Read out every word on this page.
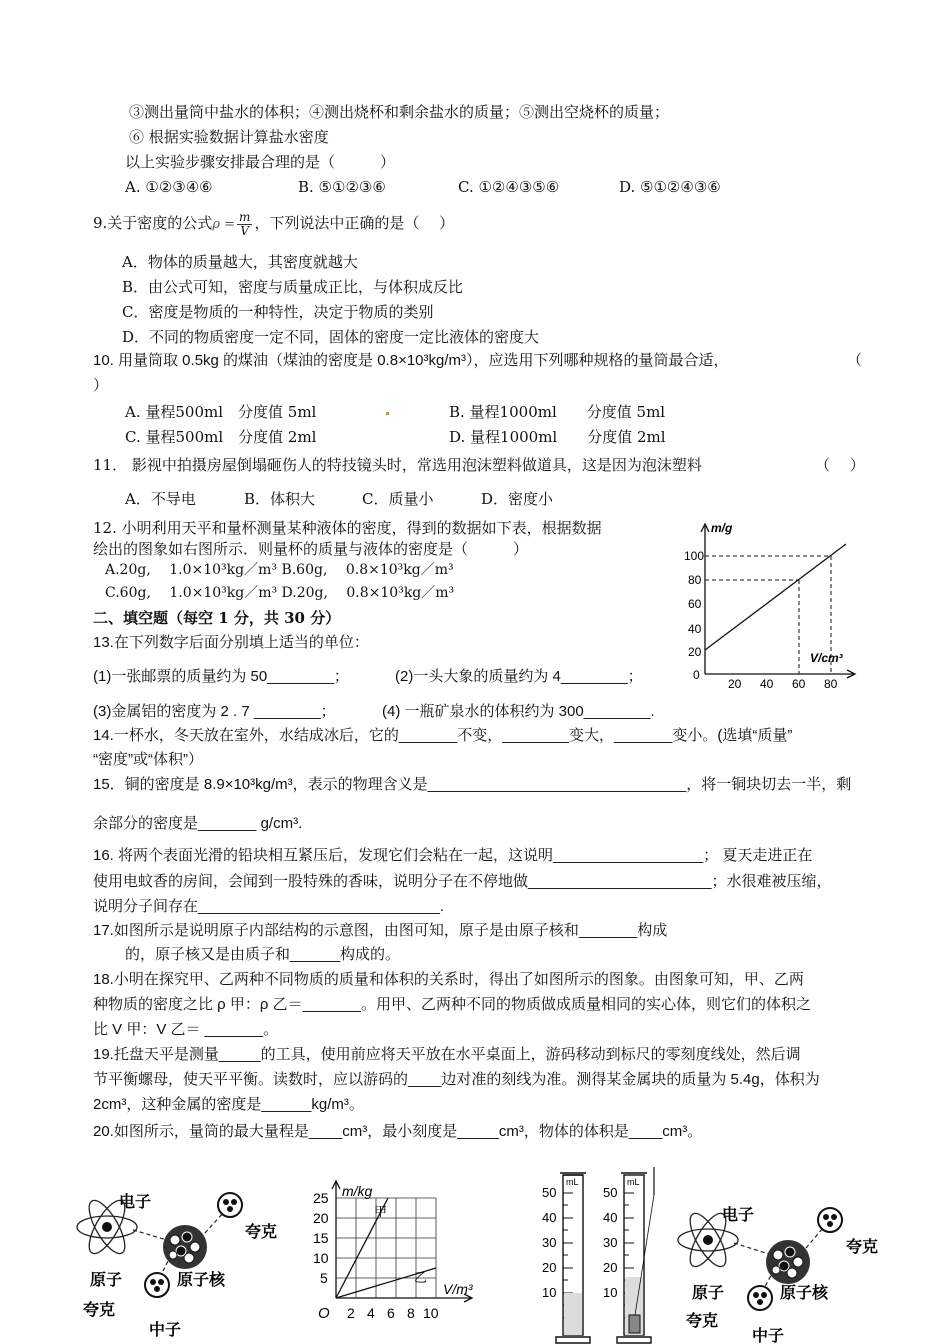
③测出量筒中盐水的体积；④测出烧杯和剩余盐水的质量；⑤测出空烧杯的质量；
⑥ 根据实验数据计算盐水密度
以上实验步骤安排最合理的是（　　　）
A. ①②③④⑥	B. ⑤①②③⑥	C. ①②④③⑤⑥	D. ⑤①②④③⑥
9.关于密度的公式$\rho = \frac{m}{V}$ ，下列说法中正确的是（　 ）
A．物体的质量越大，其密度就越大
B．由公式可知，密度与质量成正比，与体积成反比
C．密度是物质的一种特性，决定于物质的类别
D．不同的物质密度一定不同，固体的密度一定比液体的密度大
10. 用量筒取 0.5kg 的煤油（煤油的密度是 0.8×10³kg/m³），应选用下列哪种规格的量筒最合适，	（
）
A. 量程500ml　分度值 5ml	B. 量程1000ml　　分度值 5ml
C. 量程500ml　分度值 2ml	D. 量程1000ml　　分度值 2ml
11． 影视中拍摄房屋倒塌砸伤人的特技镜头时，常选用泡沫塑料做道具，这是因为泡沫塑料	（　 ）
A．不导电	B．体积大	C．质量小	D．密度小
12. 小明利用天平和量杯测量某种液体的密度，得到的数据如下表，根据数据
绘出的图象如右图所示．则量杯的质量与液体的密度是（　　　）
A.20g,　 1.0×10³kg／m³ B.60g,　 0.8×10³kg／m³
C.60g,　 1.0×10³kg／m³ D.20g,　 0.8×10³kg／m³
m/g
V/cm³
100
80
60
40
20
0
20 40 60 80
二、填空题（每空 1 分，共 30 分）
13.在下列数字后面分别填上适当的单位：
(1)一张邮票的质量约为 50________；	(2)一头大象的质量约为 4________；
(3)金属铝的密度为 2 . 7 ________；	(4) 一瓶矿泉水的体积约为 300________.
14.一杯水，冬天放在室外，水结成冰后，它的_______不变，________变大，_______变小。(选填“质量”
“密度”或“体积”）
15．铜的密度是 8.9×10³kg/m³，表示的物理含义是_______________________________，将一铜块切去一半，剩
余部分的密度是_______ g/cm³.
16. 将两个表面光滑的铅块相互紧压后，发现它们会粘在一起，这说明__________________； 夏天走进正在
使用电蚊香的房间，会闻到一股特殊的香味，说明分子在不停地做______________________；水很难被压缩，
说明分子间存在_____________________________.
17.如图所示是说明原子内部结构的示意图，由图可知，原子是由原子核和_______构成
的，原子核又是由质子和______构成的。
18.小明在探究甲、乙两种不同物质的质量和体积的关系时，得出了如图所示的图象。由图象可知，甲、乙两
种物质的密度之比 ρ 甲：ρ 乙＝_______。用甲、乙两种不同的物质做成质量相同的实心体，则它们的体积之
比 V 甲：V 乙＝ _______。
19.托盘天平是测量_____的工具，使用前应将天平放在水平桌面上，游码移动到标尺的零刻度线处，然后调
节平衡螺母，使天平平衡。读数时，应以游码的____边对准的刻线为准。测得某金属块的质量为 5.4g，体积为
2cm³，这种金属的密度是______kg/m³。
20.如图所示，量筒的最大量程是____cm³，最小刻度是_____cm³，物体的体积是____cm³。
电子
夸克
原子	原子核
夸克
中子
甲
乙
m/kg
V/m³
O
25
20
15
10
5
2 4 6 8 10
mL
50
40
30
20
10
mL
50
40
30
20
10
电子
夸克
原子	原子核
夸克
中子
